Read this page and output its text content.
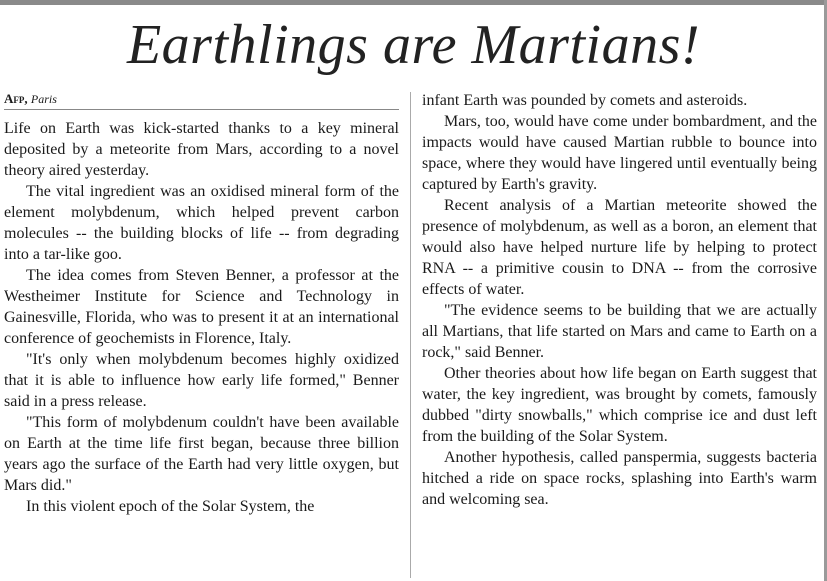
Earthlings are Martians!
Afp, Paris

Life on Earth was kick-started thanks to a key mineral deposited by a meteorite from Mars, according to a novel theory aired yesterday.

The vital ingredient was an oxidised mineral form of the element molybdenum, which helped prevent carbon molecules -- the building blocks of life -- from degrading into a tar-like goo.

The idea comes from Steven Benner, a professor at the Westheimer Institute for Science and Technology in Gainesville, Florida, who was to present it at an international conference of geochemists in Florence, Italy.

"It's only when molybdenum becomes highly oxidized that it is able to influence how early life formed," Benner said in a press release.

"This form of molybdenum couldn't have been available on Earth at the time life first began, because three billion years ago the surface of the Earth had very little oxygen, but Mars did."

In this violent epoch of the Solar System, the

infant Earth was pounded by comets and asteroids.

Mars, too, would have come under bombardment, and the impacts would have caused Martian rubble to bounce into space, where they would have lingered until eventually being captured by Earth's gravity.

Recent analysis of a Martian meteorite showed the presence of molybdenum, as well as a boron, an element that would also have helped nurture life by helping to protect RNA -- a primitive cousin to DNA -- from the corrosive effects of water.

"The evidence seems to be building that we are actually all Martians, that life started on Mars and came to Earth on a rock," said Benner.

Other theories about how life began on Earth suggest that water, the key ingredient, was brought by comets, famously dubbed "dirty snowballs," which comprise ice and dust left from the building of the Solar System.

Another hypothesis, called panspermia, suggests bacteria hitched a ride on space rocks, splashing into Earth's warm and welcoming sea.
